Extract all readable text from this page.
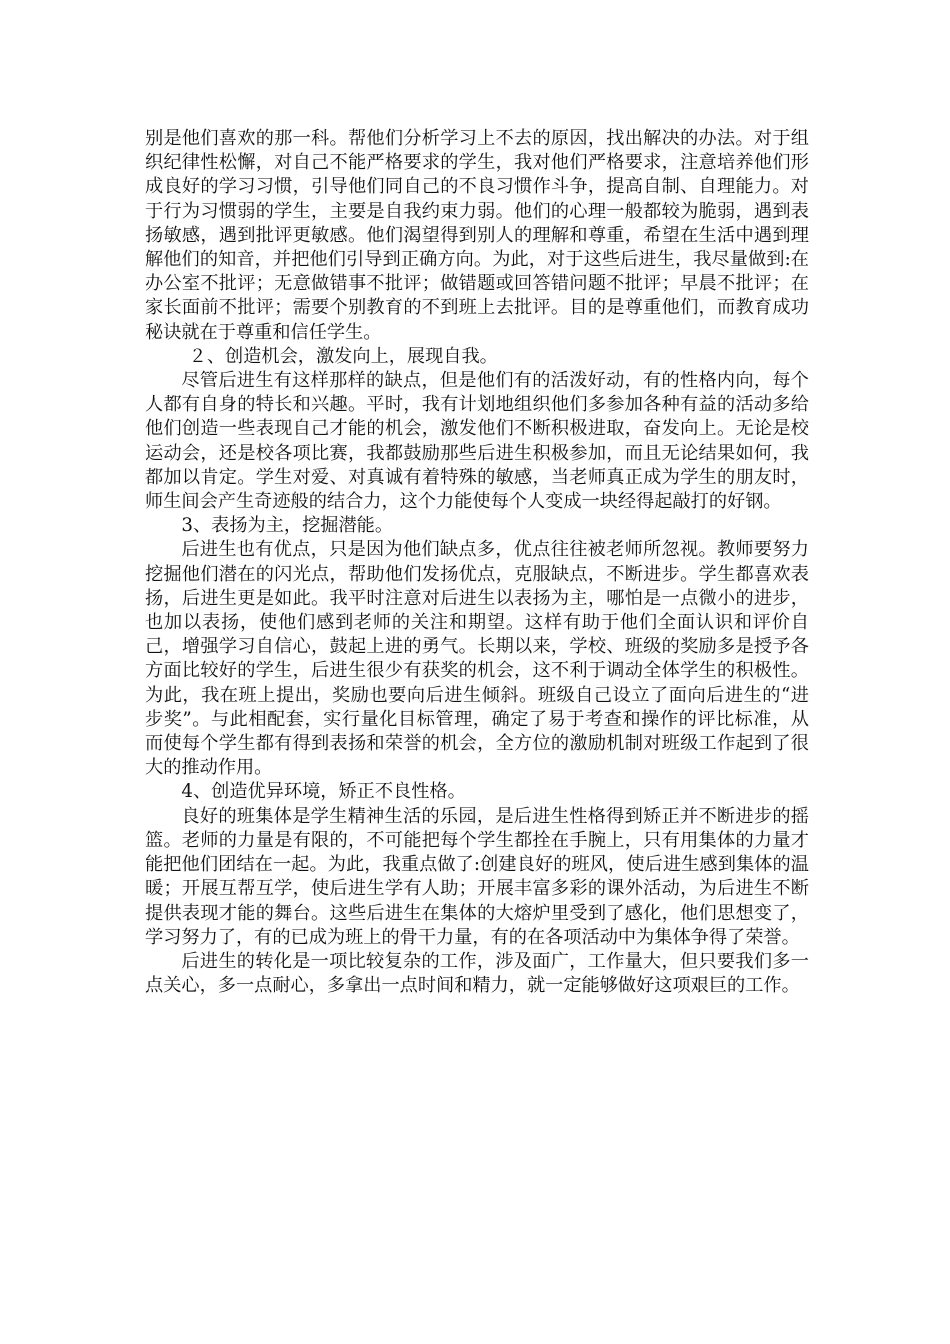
别是他们喜欢的那一科。帮他们分析学习上不去的原因，找出解决的办法。对于组织纪律性松懈，对自己不能严格要求的学生，我对他们严格要求，注意培养他们形成良好的学习习惯，引导他们同自己的不良习惯作斗争，提高自制、自理能力。对于行为习惯弱的学生，主要是自我约束力弱。他们的心理一般都较为脆弱，遇到表扬敏感，遇到批评更敏感。他们渴望得到别人的理解和尊重，希望在生活中遇到理解他们的知音，并把他们引导到正确方向。为此，对于这些后进生，我尽量做到:在办公室不批评；无意做错事不批评；做错题或回答错问题不批评；早晨不批评；在家长面前不批评；需要个别教育的不到班上去批评。目的是尊重他们，而教育成功秘诀就在于尊重和信任学生。

２、创造机会，激发向上，展现自我。

尽管后进生有这样那样的缺点，但是他们有的活泼好动，有的性格内向，每个人都有自身的特长和兴趣。平时，我有计划地组织他们多参加各种有益的活动多给他们创造一些表现自己才能的机会，激发他们不断积极进取，奋发向上。无论是校运动会，还是校各项比赛，我都鼓励那些后进生积极参加，而且无论结果如何，我都加以肯定。学生对爱、对真诚有着特殊的敏感，当老师真正成为学生的朋友时，师生间会产生奇迹般的结合力，这个力能使每个人变成一块经得起敲打的好钢。

3、表扬为主，挖掘潜能。

后进生也有优点，只是因为他们缺点多，优点往往被老师所忽视。教师要努力挖掘他们潜在的闪光点，帮助他们发扬优点，克服缺点，不断进步。学生都喜欢表扬，后进生更是如此。我平时注意对后进生以表扬为主，哪怕是一点微小的进步，也加以表扬，使他们感到老师的关注和期望。这样有助于他们全面认识和评价自己，增强学习自信心，鼓起上进的勇气。长期以来，学校、班级的奖励多是授予各方面比较好的学生，后进生很少有获奖的机会，这不利于调动全体学生的积极性。为此，我在班上提出，奖励也要向后进生倾斜。班级自己设立了面向后进生的“进步奖”。与此相配套，实行量化目标管理，确定了易于考查和操作的评比标准，从而使每个学生都有得到表扬和荣誉的机会，全方位的激励机制对班级工作起到了很大的推动作用。

4、创造优异环境，矫正不良性格。

良好的班集体是学生精神生活的乐园，是后进生性格得到矫正并不断进步的摇篮。老师的力量是有限的，不可能把每个学生都拴在手腕上，只有用集体的力量才能把他们团结在一起。为此，我重点做了:创建良好的班风，使后进生感到集体的温暖；开展互帮互学，使后进生学有人助；开展丰富多彩的课外活动，为后进生不断提供表现才能的舞台。这些后进生在集体的大熔炉里受到了感化，他们思想变了，学习努力了，有的已成为班上的骨干力量，有的在各项活动中为集体争得了荣誉。

后进生的转化是一项比较复杂的工作，涉及面广，工作量大，但只要我们多一点关心，多一点耐心，多拿出一点时间和精力，就一定能够做好这项艰巨的工作。
